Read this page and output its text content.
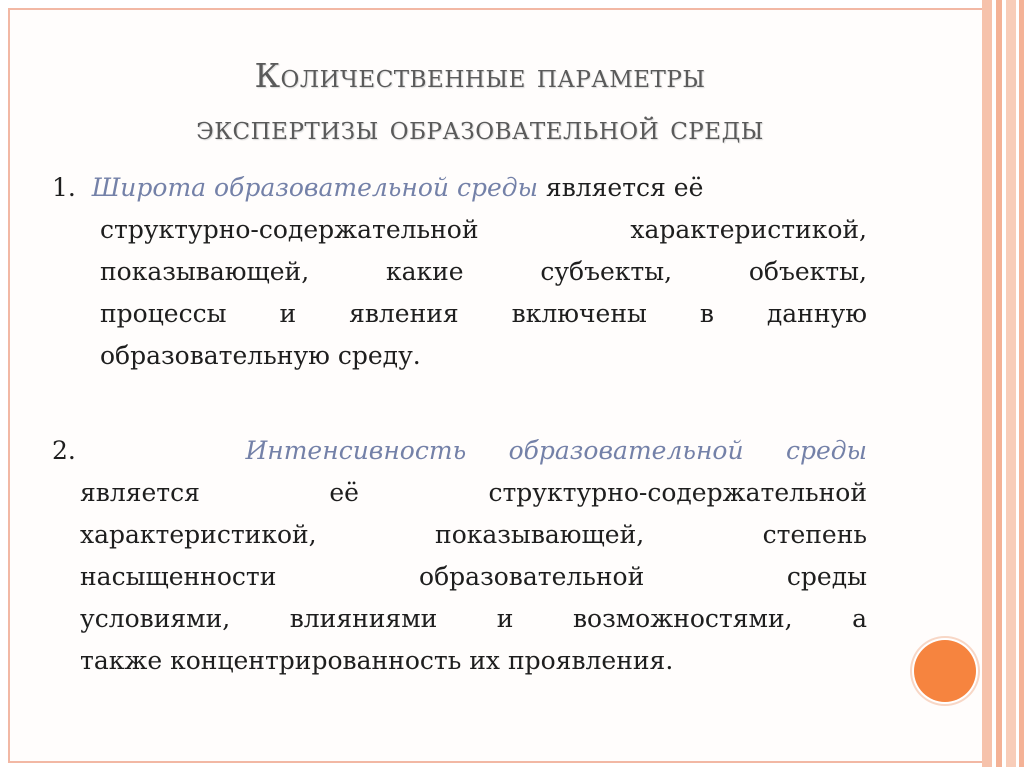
Количественные параметры
экспертизы образовательной среды
1. Широта образовательной среды является её
структурно-содержательной характеристикой,
показывающей, какие субъекты, объекты,
процессы и явления включены в данную
образовательную среду.
2.	Интенсивность образовательной среды
является её структурно-содержательной
характеристикой, показывающей, степень
насыщенности образовательной среды
условиями, влияниями и возможностями, а
также концентрированность их проявления.
